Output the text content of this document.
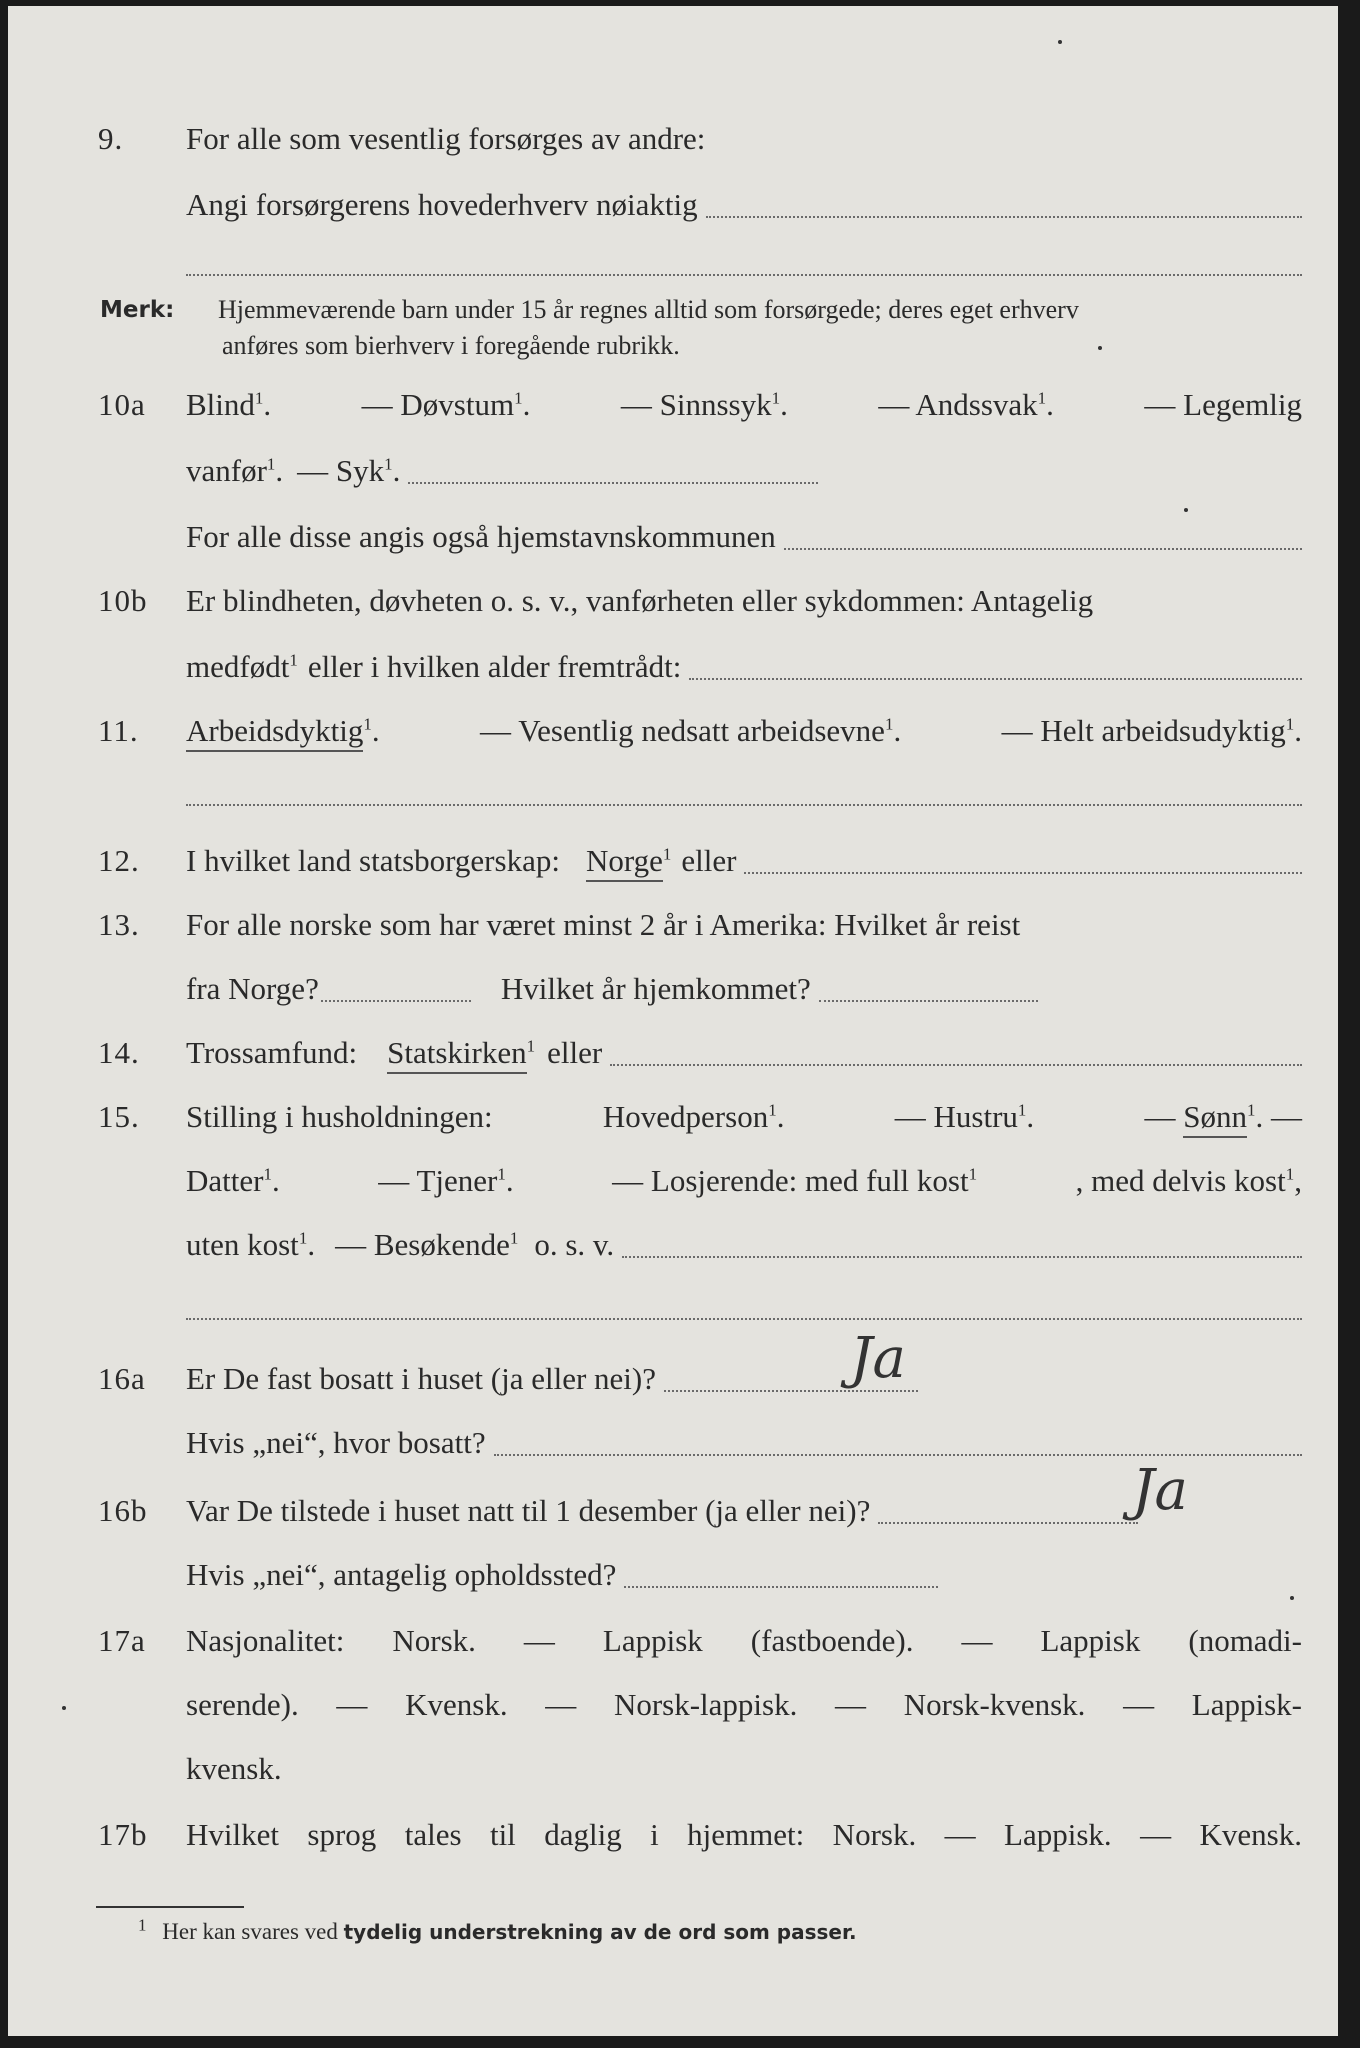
9. For alle som vesentlig forsørges av andre:
Angi forsørgerens hovederhverv nøiaktig
Merk: Hjemmeværende barn under 15 år regnes alltid som forsørgede; deres eget erhverv
anføres som bierhverv i foregående rubrikk.
10a Blind$^1$.	— Døvstum$^1$.	— Sinnssyk$^1$.	— Andssvak$^1$.	— Legemlig
vanfør$^1$. — Syk$^1$.
For alle disse angis også hjemstavnskommunen
10b Er blindheten, døvheten o. s. v., vanførheten eller sykdommen: Antagelig
medfødt$^1$ eller i hvilken alder fremtrådt:
11. Arbeidsdyktig$^1$.	— Vesentlig nedsatt arbeidsevne$^1$.	— Helt arbeidsudyktig$^1$.
12. I hvilket land statsborgerskap: Norge$^1$ eller
13. For alle norske som har været minst 2 år i Amerika: Hvilket år reist
fra Norge?	Hvilket år hjemkommet?
14. Trossamfund: Statskirken$^1$ eller
15. Stilling i husholdningen:	Hovedperson$^1$.	— Hustru$^1$.	— Sønn$^1$. —
Datter$^1$.	— Tjener$^1$.	— Losjerende: med full kost$^1$	, med delvis kost$^1$,
uten kost$^1$. — Besøkende$^1$ o. s. v.
16a Er De fast bosatt i huset (ja eller nei)?	Ja
Hvis „nei“, hvor bosatt?
16b Var De tilstede i huset natt til 1 desember (ja eller nei)?	Ja
Hvis „nei“, antagelig opholdssted?
17a Nasjonalitet: Norsk. — Lappisk (fastboende). — Lappisk (nomadi-
serende). — Kvensk. — Norsk-lappisk. — Norsk-kvensk. — Lappisk-
kvensk.
17b Hvilket sprog tales til daglig i hjemmet: Norsk. — Lappisk. — Kvensk.
$^1$ Her kan svares ved tydelig understrekning av de ord som passer.
